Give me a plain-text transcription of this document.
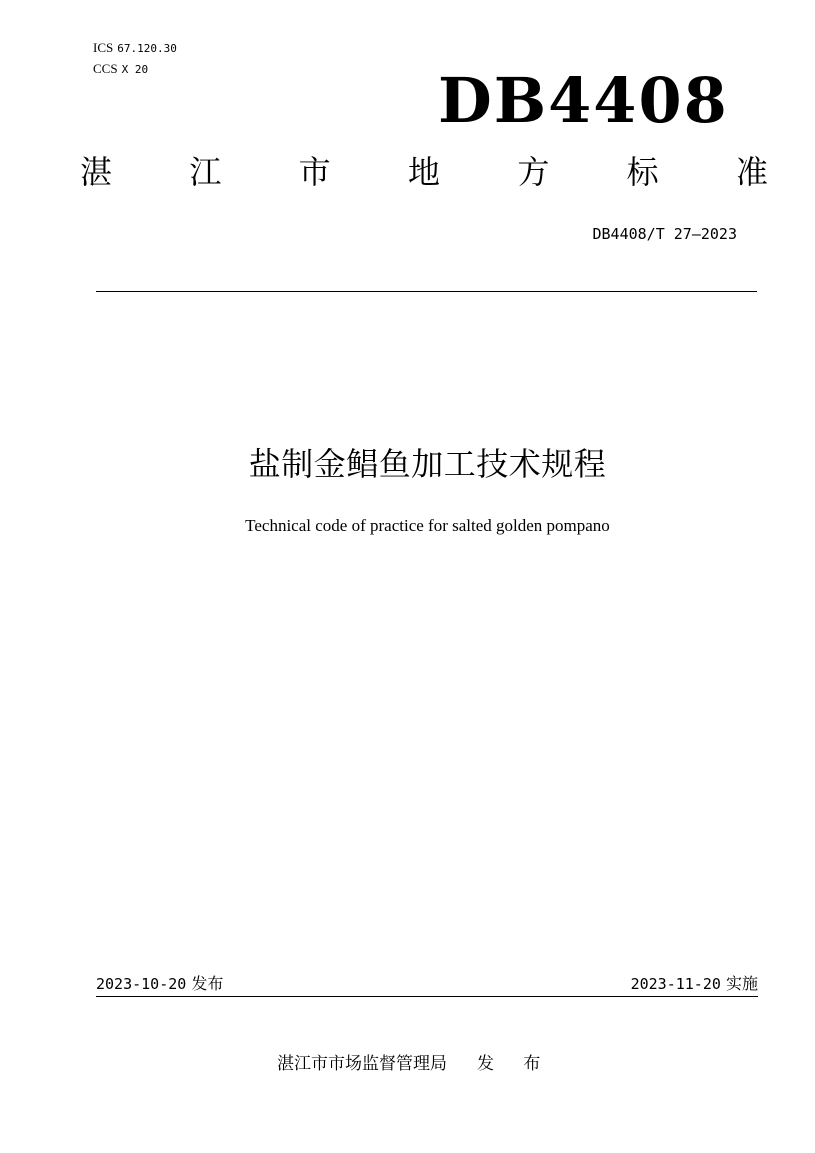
ICS 67.120.30
CCS X 20	DB4408
湛 江 市 地 方 标 准
DB4408/T 27—2023
盐制金鲳鱼加工技术规程
Technical code of practice for salted golden pompano
2023-10-20 发布	2023-11-20 实施
湛江市市场监督管理局 发 布
